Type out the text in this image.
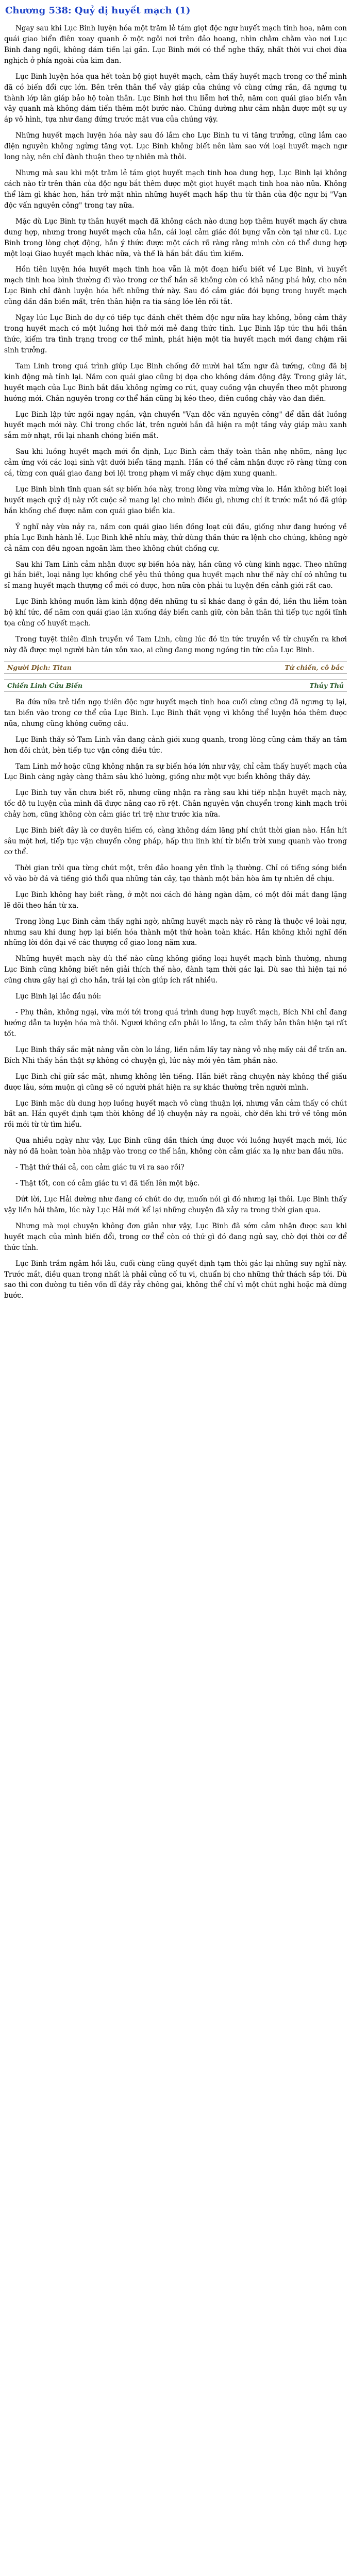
Chương 538: Quỷ dị huyết mạch (1)

Ngay sau khi Lục Binh luyện hóa một trăm lẻ tám giọt độc ngư huyết mạch tinh hoa, năm con quái giao biển điên xoay quanh ở một ngôi nơi trên đảo hoang, nhìn chằm chằm vào nơi Lục Binh đang ngồi, không dám tiến lại gần. Lục Binh mới có thể nghe thấy, nhất thời vui chơi đùa nghịch ở phía ngoài của kim đan.

Lục Binh luyện hóa qua hết toàn bộ giọt huyết mạch, cảm thấy huyết mạch trong cơ thể mình đã có biến đổi cực lớn. Bên trên thân thể vảy giáp của chúng vô cùng cứng rắn, đã ngưng tụ thành lớp lân giáp bảo hộ toàn thân. Lục Binh hơi thu liễm hơi thở, năm con quái giao biển vẫn vây quanh mà không dám tiến thêm một bước nào. Chúng dường như cảm nhận được một sự uy áp vô hình, tựa như đang đứng trước mặt vua của chúng vậy.

Những huyết mạch luyện hóa này sau đó lắm cho Lục Binh tu vi tăng trưởng, cũng lắm cao điện nguyên không ngừng tăng vọt. Lục Binh không biết nên làm sao với loại huyết mạch ngư long này, nên chỉ đành thuận theo tự nhiên mà thôi.

Nhưng mà sau khi một trăm lẻ tám giọt huyết mạch tinh hoa dung hợp, Lục Binh lại không cách nào từ trên thân của độc ngư bắt thêm được một giọt huyết mạch tinh hoa nào nữa. Không thể làm gì khác hơn, hắn trở mặt nhìn những huyết mạch hấp thu từ thân của độc ngư bị "Vạn độc vấn nguyên công" trong tay nữa.

Mặc dù Lục Binh tự thân huyết mạch đã không cách nào dung hợp thêm huyết mạch ấy chưa dung hợp, nhưng trong huyết mạch của hắn, cái loại cảm giác đói bụng vẫn còn tại như cũ. Lục Binh trong lòng chợt động, hắn ý thức được một cách rõ ràng rằng mình còn có thể dung hợp một loại Giao huyết mạch khác nữa, và thế là hắn bắt đầu tìm kiếm.

Hồn tiên luyện hóa huyết mạch tinh hoa vẫn là một đoạn hiểu biết về Lục Binh, vì huyết mạch tinh hoa bình thường đi vào trong cơ thể hắn sẽ không còn có khả năng phá hủy, cho nên Lục Binh chỉ đành luyện hóa hết những thứ này. Sau đó cảm giác đói bụng trong huyết mạch cũng dần dần biến mất, trên thân hiện ra tia sáng lóe lên rồi tắt.

Ngay lúc Lục Binh do dự có tiếp tục đánh chết thêm độc ngư nữa hay không, bỗng cảm thấy trong huyết mạch có một luồng hơi thở mới mẻ đang thức tỉnh. Lục Binh lập tức thu hồi thần thức, kiểm tra tình trạng trong cơ thể mình, phát hiện một tia huyết mạch mới đang chậm rãi sinh trưởng.

Tam Linh trong quá trình giúp Lục Binh chống đỡ mười hai tấm ngư đà tướng, cũng đã bị kinh động mà tỉnh lại. Năm con quái giao cũng bị dọa cho không dám động đậy. Trong giây lát, huyết mạch của Lục Binh bắt đầu không ngừng co rút, quay cuồng vận chuyển theo một phương hướng mới. Chân nguyên trong cơ thể hắn cũng bị kéo theo, điên cuồng chảy vào đan điền.

Lục Binh lập tức ngồi ngay ngắn, vận chuyển "Vạn độc vấn nguyên công" để dẫn dắt luồng huyết mạch mới này. Chỉ trong chốc lát, trên người hắn đã hiện ra một tầng vảy giáp màu xanh sẫm mờ nhạt, rồi lại nhanh chóng biến mất.

Sau khi luồng huyết mạch mới ổn định, Lục Binh cảm thấy toàn thân nhẹ nhõm, năng lực cảm ứng với các loại sinh vật dưới biển tăng mạnh. Hắn có thể cảm nhận được rõ ràng từng con cá, từng con quái giao đang bơi lội trong phạm vi mấy chục dặm xung quanh.

Lục Binh bình tĩnh quan sát sự biến hóa này, trong lòng vừa mừng vừa lo. Hắn không biết loại huyết mạch quỷ dị này rốt cuộc sẽ mang lại cho mình điều gì, nhưng chí ít trước mắt nó đã giúp hắn khống chế được năm con quái giao biển kia.

Ý nghĩ này vừa nảy ra, năm con quái giao liền đồng loạt cúi đầu, giống như đang hướng về phía Lục Binh hành lễ. Lục Binh khẽ nhíu mày, thử dùng thần thức ra lệnh cho chúng, không ngờ cả năm con đều ngoan ngoãn làm theo không chút chống cự.

Sau khi Tam Linh cảm nhận được sự biến hóa này, hắn cũng vô cùng kinh ngạc. Theo những gì hắn biết, loại năng lực khống chế yêu thú thông qua huyết mạch như thế này chỉ có những tu sĩ mang huyết mạch thượng cổ mới có được, hơn nữa còn phải tu luyện đến cảnh giới rất cao.

Lục Binh không muốn làm kinh động đến những tu sĩ khác đang ở gần đó, liền thu liễm toàn bộ khí tức, để năm con quái giao lặn xuống đáy biển canh giữ, còn bản thân thì tiếp tục ngồi tĩnh tọa củng cố huyết mạch.

Trong tuyệt thiên đình truyền về Tam Linh, cùng lúc đó tin tức truyền về từ chuyến ra khơi này đã được mọi người bàn tán xôn xao, ai cũng đang mong ngóng tin tức của Lục Binh.

Người Dịch: Titan	Tứ chiến, cô bắc
Chiến Linh Cửu Biến	Thủy Thủ

Ba đứa nữa trẻ tiền ngọ thiên độc ngư huyết mạch tinh hoa cuối cùng cũng đã ngưng tụ lại, tan biến vào trong cơ thể của Lục Binh. Lục Binh thất vọng vì không thể luyện hóa thêm được nữa, nhưng cũng không cưỡng cầu.

Lục Binh thấy sở Tam Linh vẫn đang cảnh giới xung quanh, trong lòng cũng cảm thấy an tâm hơn đôi chút, bèn tiếp tục vận công điều tức.

Tam Linh mở hoặc cũng không nhận ra sự biến hóa lớn như vậy, chỉ cảm thấy huyết mạch của Lục Binh càng ngày càng thâm sâu khó lường, giống như một vực biển không thấy đáy.

Lục Binh tuy vẫn chưa biết rõ, nhưng cũng nhận ra rằng sau khi tiếp nhận huyết mạch này, tốc độ tu luyện của mình đã được nâng cao rõ rệt. Chân nguyên vận chuyển trong kinh mạch trôi chảy hơn, cũng không còn cảm giác trì trệ như trước kia nữa.

Lục Binh biết đây là cơ duyên hiếm có, càng không dám lãng phí chút thời gian nào. Hắn hít sâu một hơi, tiếp tục vận chuyển công pháp, hấp thu linh khí từ biển trời xung quanh vào trong cơ thể.

Thời gian trôi qua từng chút một, trên đảo hoang yên tĩnh lạ thường. Chỉ có tiếng sóng biển vỗ vào bờ đá và tiếng gió thổi qua những tán cây, tạo thành một bản hòa âm tự nhiên dễ chịu.

Lục Binh không hay biết rằng, ở một nơi cách đó hàng ngàn dặm, có một đôi mắt đang lặng lẽ dõi theo hắn từ xa.

Trong lòng Lục Binh cảm thấy nghi ngờ, những huyết mạch này rõ ràng là thuộc về loài ngư, nhưng sau khi dung hợp lại biến hóa thành một thứ hoàn toàn khác. Hắn không khỏi nghĩ đến những lời đồn đại về các thượng cổ giao long năm xưa.

Những huyết mạch này dù thế nào cũng không giống loại huyết mạch bình thường, nhưng Lục Binh cũng không biết nên giải thích thế nào, đành tạm thời gác lại. Dù sao thì hiện tại nó cũng chưa gây hại gì cho hắn, trái lại còn giúp ích rất nhiều.

Lục Binh lại lắc đầu nói:

- Phụ thân, không ngại, vừa mới tới trong quá trình dung hợp huyết mạch, Bích Nhi chỉ đang hướng dẫn ta luyện hóa mà thôi. Ngươi không cần phải lo lắng, ta cảm thấy bản thân hiện tại rất tốt.

Lục Binh thấy sắc mặt nàng vẫn còn lo lắng, liền nắm lấy tay nàng vỗ nhẹ mấy cái để trấn an. Bích Nhi thấy hắn thật sự không có chuyện gì, lúc này mới yên tâm phần nào.

Lục Binh chỉ giữ sắc mặt, nhưng không lên tiếng. Hắn biết rằng chuyện này không thể giấu được lâu, sớm muộn gì cũng sẽ có người phát hiện ra sự khác thường trên người mình.

Lục Binh mặc dù dung hợp luồng huyết mạch vô cùng thuận lợi, nhưng vẫn cảm thấy có chút bất an. Hắn quyết định tạm thời không để lộ chuyện này ra ngoài, chờ đến khi trở về tông môn rồi mới từ từ tìm hiểu.

Qua nhiều ngày như vậy, Lục Binh cũng dần thích ứng được với luồng huyết mạch mới, lúc này nó đã hoàn toàn hòa nhập vào trong cơ thể hắn, không còn cảm giác xa lạ như ban đầu nữa.

- Thật thứ thái cả, con cảm giác tu vi ra sao rồi?

- Thật tốt, con có cảm giác tu vi đã tiến lên một bậc.

Dứt lời, Lục Hải dường như đang có chút do dự, muốn nói gì đó nhưng lại thôi. Lục Binh thấy vậy liền hỏi thăm, lúc này Lục Hải mới kể lại những chuyện đã xảy ra trong thời gian qua.

Nhưng mà mọi chuyện không đơn giản như vậy, Lục Binh đã sớm cảm nhận được sau khi huyết mạch của mình biến đổi, trong cơ thể còn có thứ gì đó đang ngủ say, chờ đợi thời cơ để thức tỉnh.

Lục Binh trầm ngâm hồi lâu, cuối cùng cũng quyết định tạm thời gác lại những suy nghĩ này. Trước mắt, điều quan trọng nhất là phải củng cố tu vi, chuẩn bị cho những thử thách sắp tới. Dù sao thì con đường tu tiên vốn dĩ đầy rẫy chông gai, không thể chỉ vì một chút nghi hoặc mà dừng bước.
